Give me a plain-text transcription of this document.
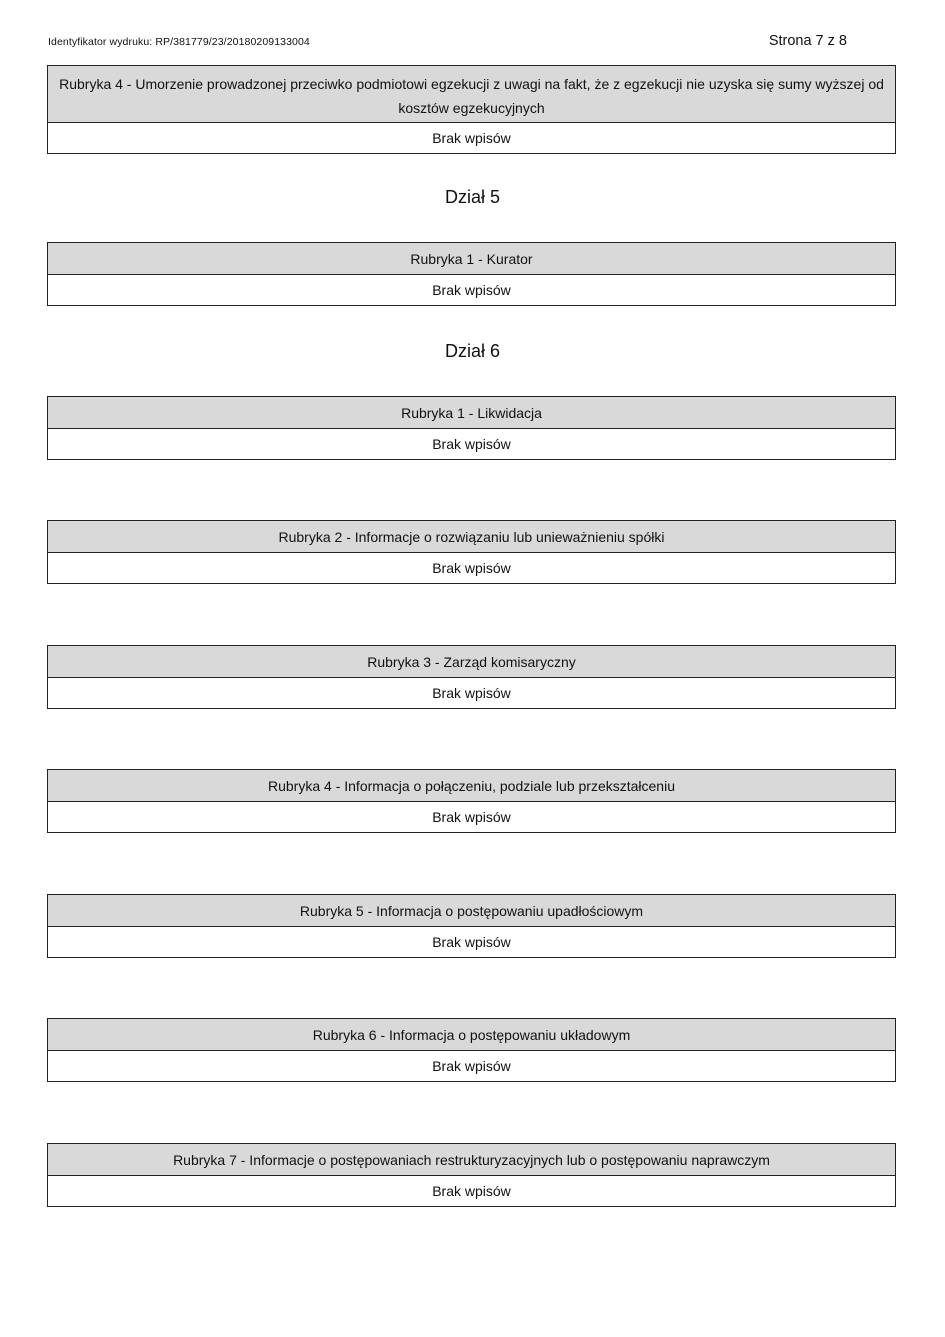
Identyfikator wydruku: RP/381779/23/20180209133004	Strona 7 z 8
Rubryka 4 - Umorzenie prowadzonej przeciwko podmiotowi egzekucji z uwagi na fakt, że z egzekucji nie uzyska się sumy wyższej od kosztów egzekucyjnych
Brak wpisów
Dział 5
Rubryka 1 - Kurator
Brak wpisów
Dział 6
Rubryka 1 - Likwidacja
Brak wpisów
Rubryka 2 - Informacje o rozwiązaniu lub unieważnieniu spółki
Brak wpisów
Rubryka 3 - Zarząd komisaryczny
Brak wpisów
Rubryka 4 - Informacja o połączeniu, podziale lub przekształceniu
Brak wpisów
Rubryka 5 - Informacja o postępowaniu upadłościowym
Brak wpisów
Rubryka 6 - Informacja o postępowaniu układowym
Brak wpisów
Rubryka 7 - Informacje o postępowaniach restrukturyzacyjnych lub o postępowaniu naprawczym
Brak wpisów
